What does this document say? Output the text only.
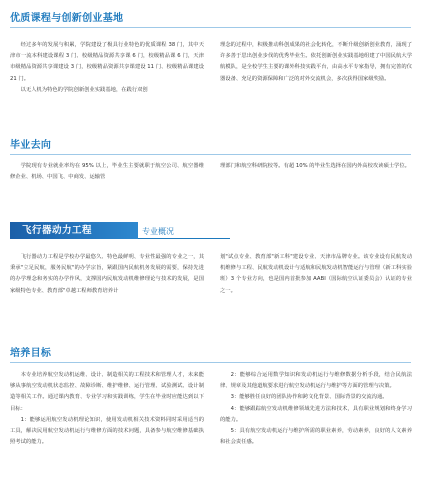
优质课程与创新创业基地

经过多年的发展与积累，学院建设了极具行业特色的优质课程 38 门，其中天津市一流本科建设课程 3 门、校级精品资源共享课 6 门，校级精品课 6 门，天津市级精品资源共享课建设 3 门，校级精品资源共享课建设 11 门、校级精品课建设 21 门。

以无人机为特色的学院创新创业实践基地，在践行双创

理念的过程中，积极推动科创成果的社会化转化，不断升级创新创业教育，涌现了许多善于思出创业步伐的优秀毕业生。依托创新创业实践基地组建了中国民航大学航模队，是全校学生主要的课外科技实践平台，由高水平专家指导，拥有完善的仪器设备、充足的资源保障和广泛的对外交流机会，多次获得国家级奖励。

毕业去向

学院现有专业就业率均在 95% 以上，毕业生主要就职于航空公司、航空器维修企业、机场、中国飞、中商发、运输管

理部门和航空科研院校等。有超 10% 的毕业生选择在国内外高校攻读硕士学位。

飞行器动力工程	专业概况

飞行器动力工程是学校办学最悠久、特色最鲜明、专业性最强的专业之一，其秉承"立足民航，服务民航"的办学宗旨，紧跟国内民航机务发展的需要，保持先进的办学理念和务实的办学作风，支撑国内民航发动机维修理论与技术的发展，是国家级特色专业、教育部"卓越工程师教育培养计

划"试点专业、教育部"新工科"建设专业、天津市品牌专业。该专业设有民航发动机维修与工程、民航发动机设计与适航和民航发动机智能运行与管理（新工科实验班）3 个专业方向，也是国内首批参加 AABI（国际航空认证委员会）认证的专业之一。

培养目标

本专业培养航空发动机运维、设计、制造相关的工程技术和管理人才，未来能够从事航空发动机状态监控、故障诊断、维护维修、运行管理、试验测试、设计制造等相关工作。通过课内教育、专业学习和实践训练，学生在毕业时应能达到以下目标：

1：能够运用航空发动机理论知识，使用发动机相关技术资料同时采用适当的工具，解决民用航空发动机运行与维修方面的技术问题，具备参与航空维修基础执照考试的能力。

2：能够综合运用数学知识和发动机运行与维修数据分析手段，结合民航法律、规章及其他道航要求进行航空发动机运行与维护等方面的管理与决策。

3：能够胜任良好的团队协作和跨文化背景、国际背景的交流沟通。

4：能够跟踪航空发动机维修领域先进方法和技术，具有职业规划和终身学习的能力。

5：具有航空发动机运行与维护所需的职业素养，劳动素养，良好的人文素养和社会责任感。
